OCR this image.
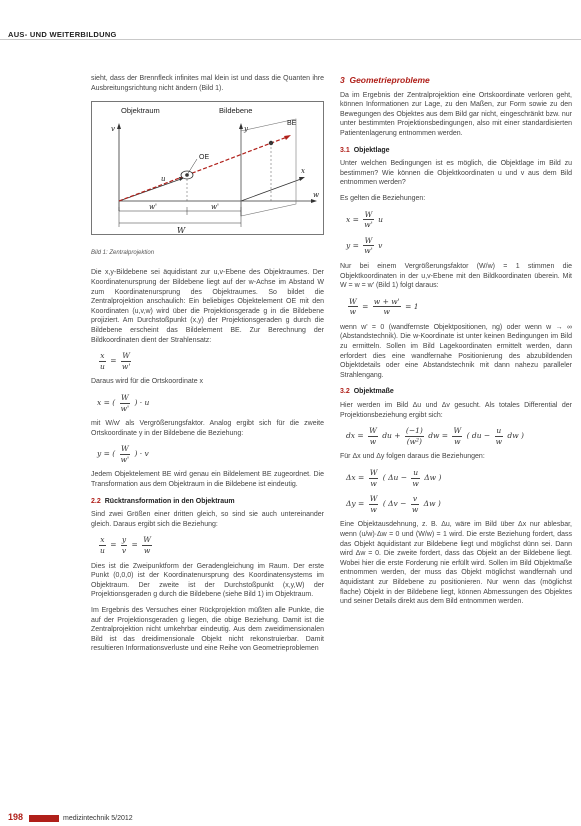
AUS- UND WEITERBILDUNG

sieht, dass der Brennfleck infinites mal klein ist und dass die Quanten ihre Ausbreitungsrichtung nicht ändern (Bild 1).

Objektraum	Bildebene
BE
OE
y
v
u
x
w
w'	w'
W
Bild 1: Zentralprojektion

Die x,y-Bildebene sei äquidistant zur u,v-Ebene des Objektraumes. Der Koordinatenursprung der Bildebene liegt auf der w-Achse im Abstand W zum Koordinatenursprung des Objektraumes. So bildet die Zentralprojektion anschaulich: Ein beliebiges Objektelement OE mit den Koordinaten (u,v,w) wird über die Projektionsgerade g in die Bildebene projiziert. Am Durchstoßpunkt (x,y) der Projektionsgeraden g durch die Bildebene erscheint das Bildelement BE. Zur Berechnung der Bildkoordinaten dient der Strahlensatz:

$\frac{x}{u} = \frac{W}{w'}$

Daraus wird für die Ortskoordinate x

x = ( $\frac{W}{w'}$ ) · u

mit W/w' als Vergrößerungsfaktor. Analog ergibt sich für die zweite Ortskoordinate y in der Bildebene die Beziehung:

y = ( $\frac{W}{w'}$ ) · v

Jedem Objektelement BE wird genau ein Bildelement BE zugeordnet. Die Transformation aus dem Objektraum in die Bildebene ist eindeutig.

2.2 Rücktransformation in den Objektraum

Sind zwei Größen einer dritten gleich, so sind sie auch untereinander gleich. Daraus ergibt sich die Beziehung:

$\frac{x}{u} = \frac{y}{v} = \frac{W}{w}$

Dies ist die Zweipunktform der Geradengleichung im Raum. Der erste Punkt (0,0,0) ist der Koordinatenursprung des Koordinatensystems im Objektraum. Der zweite ist der Durchstoßpunkt (x,y,W) der Projektionsgeraden g durch die Bildebene (siehe Bild 1) im Objektraum.

Im Ergebnis des Versuches einer Rückprojektion müßten alle Punkte, die auf der Projektionsgeraden g liegen, die obige Beziehung. Damit ist die Zentralprojektion nicht umkehrbar eindeutig. Aus dem zweidimensionalen Bild ist das dreidimensionale Objekt nicht rekonstruierbar. Damit resultieren Informationsverluste und eine Reihe von Geometrieproblemen

3 Geometrieprobleme

Da im Ergebnis der Zentralprojektion eine Ortskoordinate verloren geht, können Informationen zur Lage, zu den Maßen, zur Form sowie zu den Bewegungen des Objektes aus dem Bild gar nicht, eingeschränkt bzw. nur unter bestimmten Projektionsbedingungen, also mit einer standardisierten Patientenlagerung entnommen werden.

3.1 Objektlage

Unter welchen Bedingungen ist es möglich, die Objektlage im Bild zu bestimmen? Wie können die Objektkoordinaten u und v aus dem Bild entnommen werden?

Es gelten die Beziehungen:

$x = \frac{W}{w'}$ u
$y = \frac{W}{w'}$ v

Nur bei einem Vergrößerungsfaktor (W/w) = 1 stimmen die Objektkoordinaten in der u,v-Ebene mit den Bildkoordinaten überein. Mit W = w = w' (Bild 1) folgt daraus:

$\frac{W}{w} = \frac{w + w'}{w} = 1$

wenn w' = 0 (wandfernste Objektpositionen, ng) oder wenn w → ∞ (Abstandstechnik). Die w-Koordinate ist unter keinen Bedingungen im Bild zu ermitteln. Sollen im Bild Lagekoordinaten ermittelt werden, dann erfordert dies eine wandfernahe Positionierung des abzubildenden Objektdetails oder eine Abstandstechnik mit dann nahezu paralleler Strahlengang.

3.2 Objektmaße

Hier werden im Bild Δu und Δv gesucht. Als totales Differential der Projektionsbeziehung ergibt sich:

dx = $\frac{W}{w}$ du + $\frac{(-1)}{\text{(w²)}}$ dw = $\frac{W}{w}$ ( du − $\frac{u}{w}$ dw )

Für Δx und Δy folgen daraus die Beziehungen:

$\Delta x = \frac{W}{w}$ ( $\Delta u - \frac{u}{w}$ Δw )
$\Delta y = \frac{W}{w}$ ( $\Delta v - \frac{v}{w}$ Δw )

Eine Objektausdehnung, z. B. Δu, wäre im Bild über Δx nur ablesbar, wenn (u/w)·Δw = 0 und (W/w) = 1 wird. Die erste Beziehung fordert, dass das Objekt äquidistant zur Bildebene liegt und möglichst dünn sei. Dann wird Δw = 0. Die zweite fordert, dass das Objekt an der Bildebene liegt. Wobei hier die erste Forderung nie erfüllt wird. Sollen im Bild Objektmaße entnommen werden, der muss das Objekt möglichst wandfernah und äquidistant zur Bildebene zu positionieren. Nur wenn das (möglichst flache) Objekt in der Bildebene liegt, können Abmessungen des Objektes und seiner Details direkt aus dem Bild entnommen werden.

198	medizintechnik 5/2012
